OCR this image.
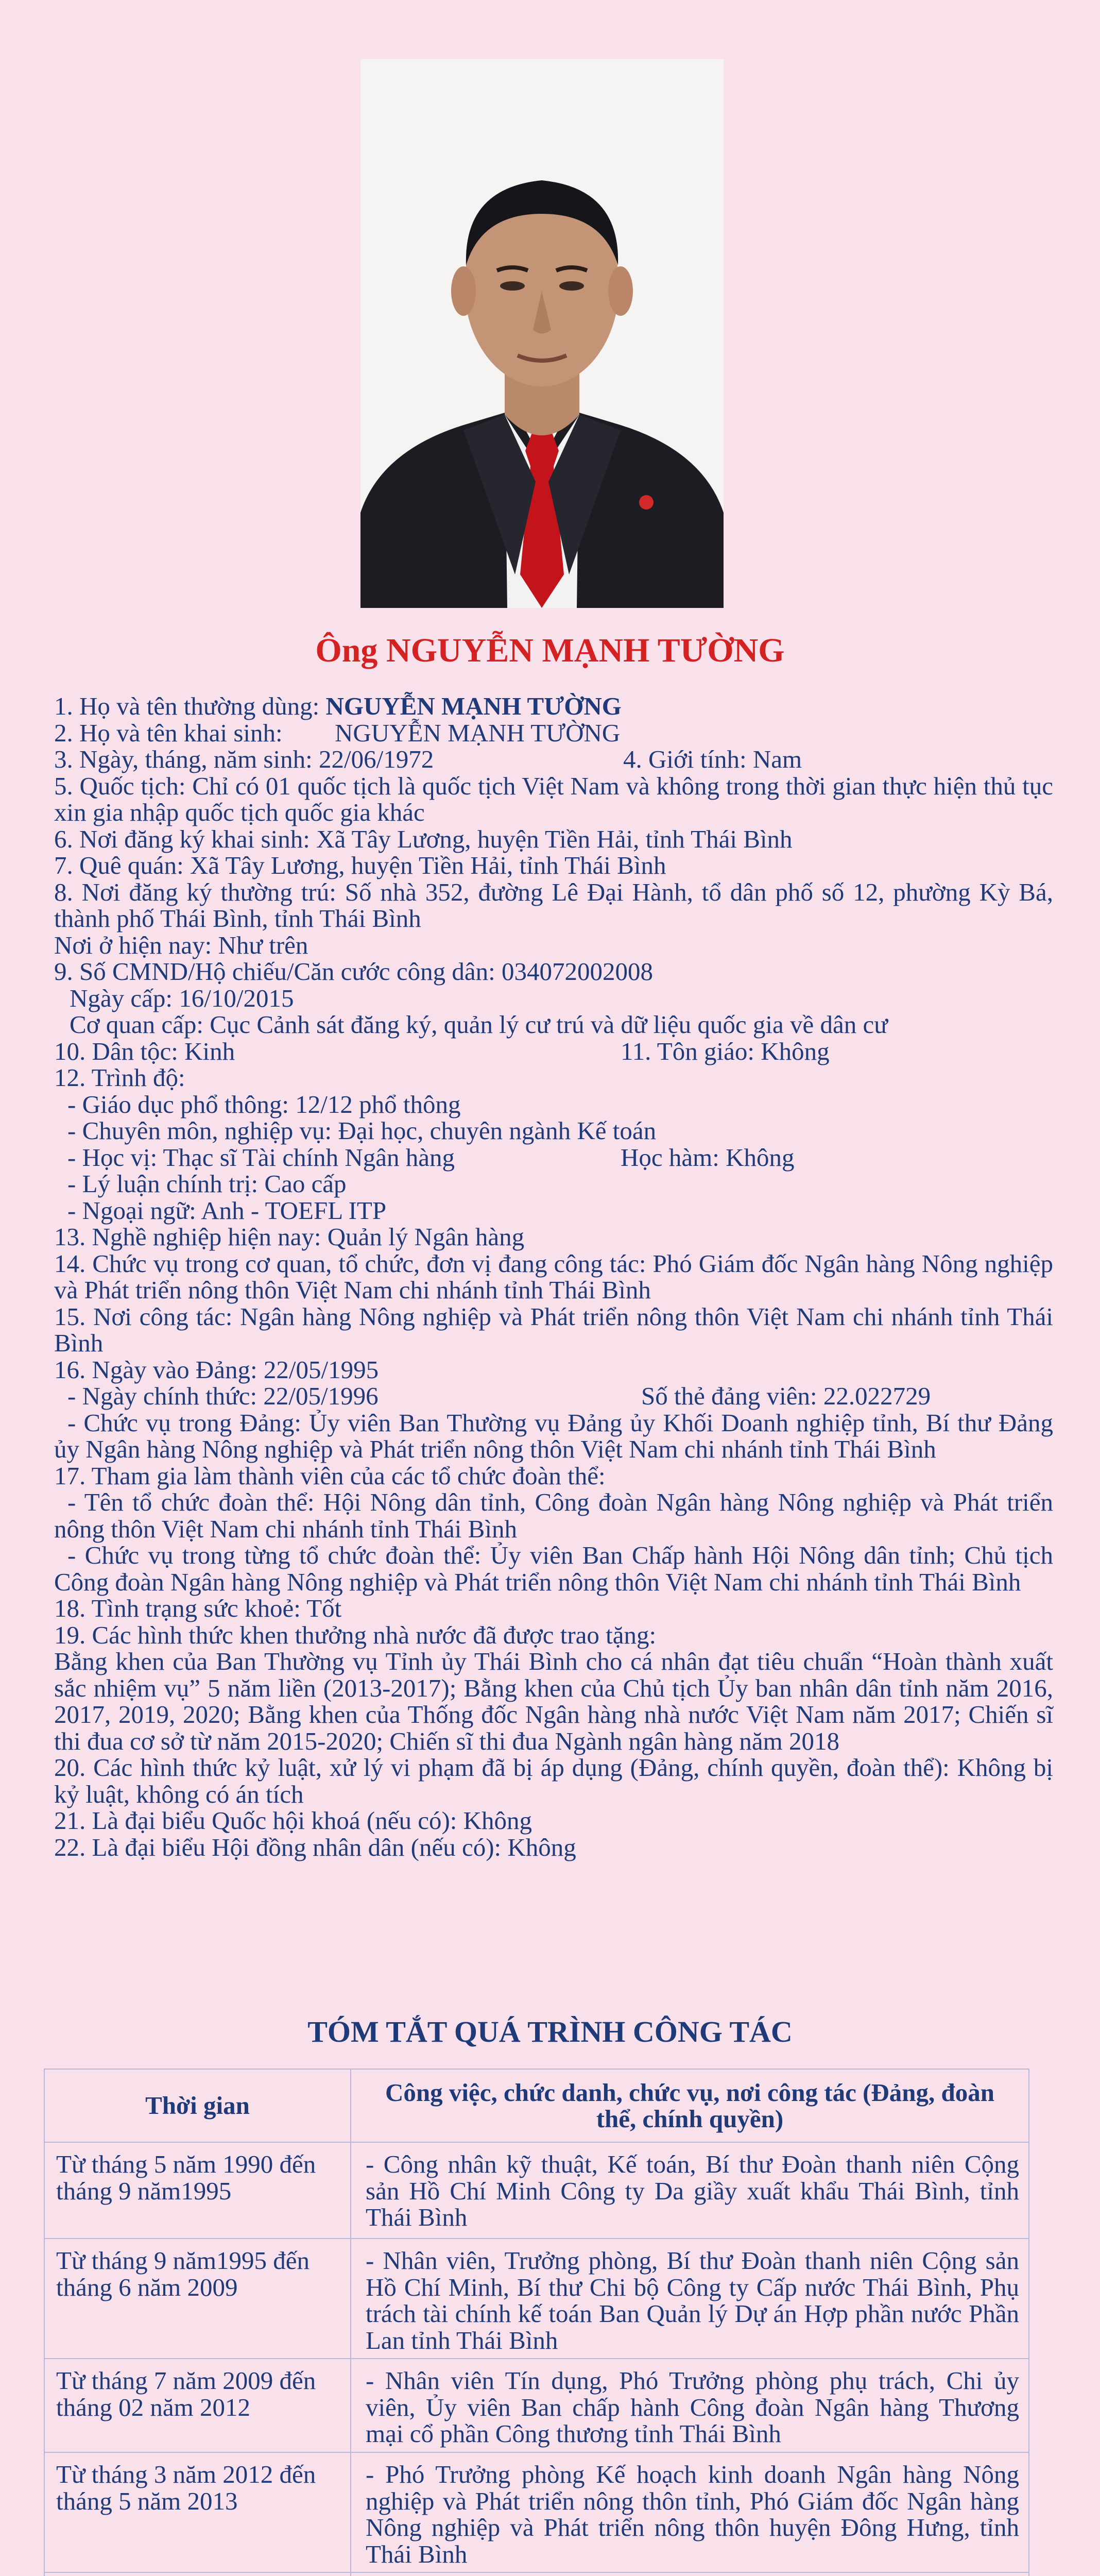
Ông NGUYỄN MẠNH TƯỜNG
1. Họ và tên thường dùng: NGUYỄN MẠNH TƯỜNG
2. Họ và tên khai sinh: NGUYỄN MẠNH TƯỜNG
3. Ngày, tháng, năm sinh: 22/06/1972	4. Giới tính: Nam
5. Quốc tịch: Chỉ có 01 quốc tịch là quốc tịch Việt Nam và không trong thời gian thực hiện thủ tục xin gia nhập quốc tịch quốc gia khác
6. Nơi đăng ký khai sinh: Xã Tây Lương, huyện Tiền Hải, tỉnh Thái Bình
7. Quê quán: Xã Tây Lương, huyện Tiền Hải, tỉnh Thái Bình
8. Nơi đăng ký thường trú: Số nhà 352, đường Lê Đại Hành, tổ dân phố số 12, phường Kỳ Bá, thành phố Thái Bình, tỉnh Thái Bình
Nơi ở hiện nay: Như trên
9. Số CMND/Hộ chiếu/Căn cước công dân: 034072002008
Ngày cấp: 16/10/2015
Cơ quan cấp: Cục Cảnh sát đăng ký, quản lý cư trú và dữ liệu quốc gia về dân cư
10. Dân tộc: Kinh	11. Tôn giáo: Không
12. Trình độ:
- Giáo dục phổ thông: 12/12 phổ thông
- Chuyên môn, nghiệp vụ: Đại học, chuyên ngành Kế toán
- Học vị: Thạc sĩ Tài chính Ngân hàng	Học hàm: Không
- Lý luận chính trị: Cao cấp
- Ngoại ngữ: Anh - TOEFL ITP
13. Nghề nghiệp hiện nay: Quản lý Ngân hàng
14. Chức vụ trong cơ quan, tổ chức, đơn vị đang công tác: Phó Giám đốc Ngân hàng Nông nghiệp và Phát triển nông thôn Việt Nam chi nhánh tỉnh Thái Bình
15. Nơi công tác: Ngân hàng Nông nghiệp và Phát triển nông thôn Việt Nam chi nhánh tỉnh Thái Bình
16. Ngày vào Đảng: 22/05/1995
- Ngày chính thức: 22/05/1996	Số thẻ đảng viên: 22.022729
- Chức vụ trong Đảng: Ủy viên Ban Thường vụ Đảng ủy Khối Doanh nghiệp tỉnh, Bí thư Đảng ủy Ngân hàng Nông nghiệp và Phát triển nông thôn Việt Nam chi nhánh tỉnh Thái Bình
17. Tham gia làm thành viên của các tổ chức đoàn thể:
- Tên tổ chức đoàn thể: Hội Nông dân tỉnh, Công đoàn Ngân hàng Nông nghiệp và Phát triển nông thôn Việt Nam chi nhánh tỉnh Thái Bình
- Chức vụ trong từng tổ chức đoàn thể: Ủy viên Ban Chấp hành Hội Nông dân tỉnh; Chủ tịch Công đoàn Ngân hàng Nông nghiệp và Phát triển nông thôn Việt Nam chi nhánh tỉnh Thái Bình
18. Tình trạng sức khoẻ: Tốt
19. Các hình thức khen thưởng nhà nước đã được trao tặng:
Bằng khen của Ban Thường vụ Tỉnh ủy Thái Bình cho cá nhân đạt tiêu chuẩn “Hoàn thành xuất sắc nhiệm vụ” 5 năm liền (2013-2017); Bằng khen của Chủ tịch Ủy ban nhân dân tỉnh năm 2016, 2017, 2019, 2020; Bằng khen của Thống đốc Ngân hàng nhà nước Việt Nam năm 2017; Chiến sĩ thi đua cơ sở từ năm 2015-2020; Chiến sĩ thi đua Ngành ngân hàng năm 2018
20. Các hình thức kỷ luật, xử lý vi phạm đã bị áp dụng (Đảng, chính quyền, đoàn thể): Không bị kỷ luật, không có án tích
21. Là đại biểu Quốc hội khoá (nếu có): Không
22. Là đại biểu Hội đồng nhân dân (nếu có): Không
TÓM TẮT QUÁ TRÌNH CÔNG TÁC
Thời gian	Công việc, chức danh, chức vụ, nơi công tác (Đảng, đoàn thể, chính quyền)
Từ tháng 5 năm 1990 đến tháng 9 năm1995	- Công nhân kỹ thuật, Kế toán, Bí thư Đoàn thanh niên Cộng sản Hồ Chí Minh Công ty Da giầy xuất khẩu Thái Bình, tỉnh Thái Bình
Từ tháng 9 năm1995 đến tháng 6 năm 2009	- Nhân viên, Trưởng phòng, Bí thư Đoàn thanh niên Cộng sản Hồ Chí Minh, Bí thư Chi bộ Công ty Cấp nước Thái Bình, Phụ trách tài chính kế toán Ban Quản lý Dự án Hợp phần nước Phần Lan tỉnh Thái Bình
Từ tháng 7 năm 2009 đến tháng 02 năm 2012	- Nhân viên Tín dụng, Phó Trưởng phòng phụ trách, Chi ủy viên, Ủy viên Ban chấp hành Công đoàn Ngân hàng Thương mại cổ phần Công thương tỉnh Thái Bình
Từ tháng 3 năm 2012 đến tháng 5 năm 2013	- Phó Trưởng phòng Kế hoạch kinh doanh Ngân hàng Nông nghiệp và Phát triển nông thôn tỉnh, Phó Giám đốc Ngân hàng Nông nghiệp và Phát triển nông thôn huyện Đông Hưng, tỉnh Thái Bình
